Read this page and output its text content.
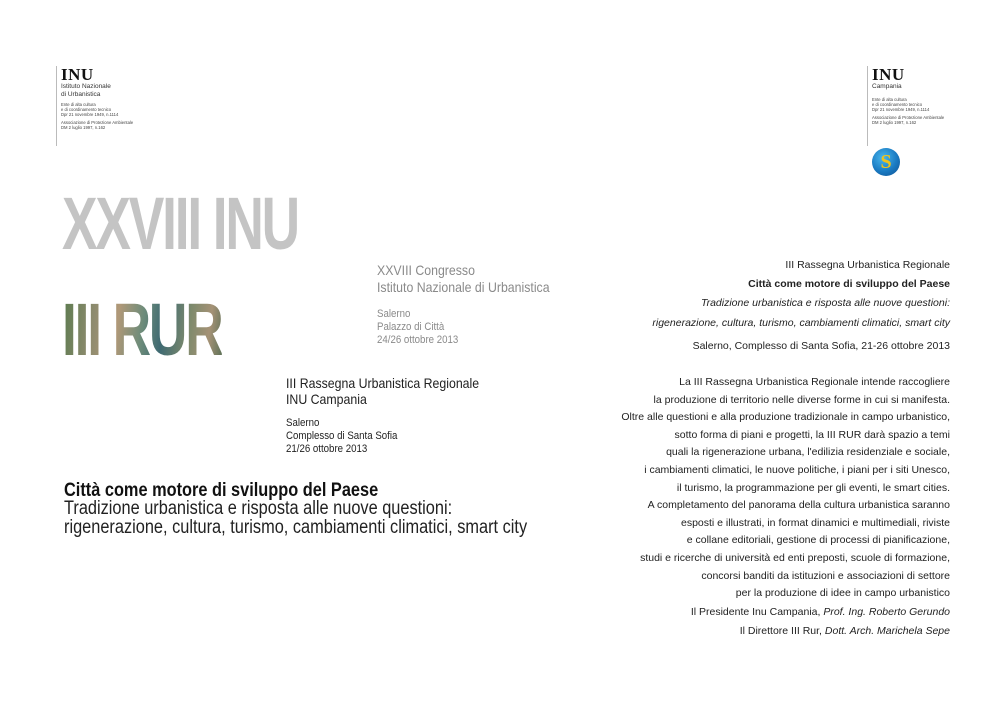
INU
Istituto Nazionale
di Urbanistica
Ente di alta cultura
e di coordinamento tecnico
Dpr 21 novembre 1949, n.1114
Associazione di Protezione Ambientale
DM 2 luglio 1997, n.162
INU
Campania
Ente di alta cultura
e di coordinamento tecnico
Dpr 21 novembre 1949, n.1114
Associazione di Protezione Ambientale
DM 2 luglio 1997, n.162
S
XXVIII INU
III RUR
XXVIII Congresso
Istituto Nazionale di Urbanistica
Salerno
Palazzo di Città
24/26 ottobre 2013
III Rassegna Urbanistica Regionale
INU Campania
Salerno
Complesso di Santa Sofia
21/26 ottobre 2013
Città come motore di sviluppo del Paese
Tradizione urbanistica e risposta alle nuove questioni:
rigenerazione, cultura, turismo, cambiamenti climatici, smart city
III Rassegna Urbanistica Regionale
Città come motore di sviluppo del Paese
Tradizione urbanistica e risposta alle nuove questioni:
rigenerazione, cultura, turismo, cambiamenti climatici, smart city
Salerno, Complesso di Santa Sofia, 21-26 ottobre 2013
La III Rassegna Urbanistica Regionale intende raccogliere
la produzione di territorio nelle diverse forme in cui si manifesta.
Oltre alle questioni e alla produzione tradizionale in campo urbanistico,
sotto forma di piani e progetti, la III RUR darà spazio a temi
quali la rigenerazione urbana, l'edilizia residenziale e sociale,
i cambiamenti climatici, le nuove politiche, i piani per i siti Unesco,
il turismo, la programmazione per gli eventi, le smart cities.
A completamento del panorama della cultura urbanistica saranno
esposti e illustrati, in format dinamici e multimediali, riviste
e collane editoriali, gestione di processi di pianificazione,
studi e ricerche di università ed enti preposti, scuole di formazione,
concorsi banditi da istituzioni e associazioni di settore
per la produzione di idee in campo urbanistico
Il Presidente Inu Campania, Prof. Ing. Roberto Gerundo
Il Direttore III Rur, Dott. Arch. Marichela Sepe
